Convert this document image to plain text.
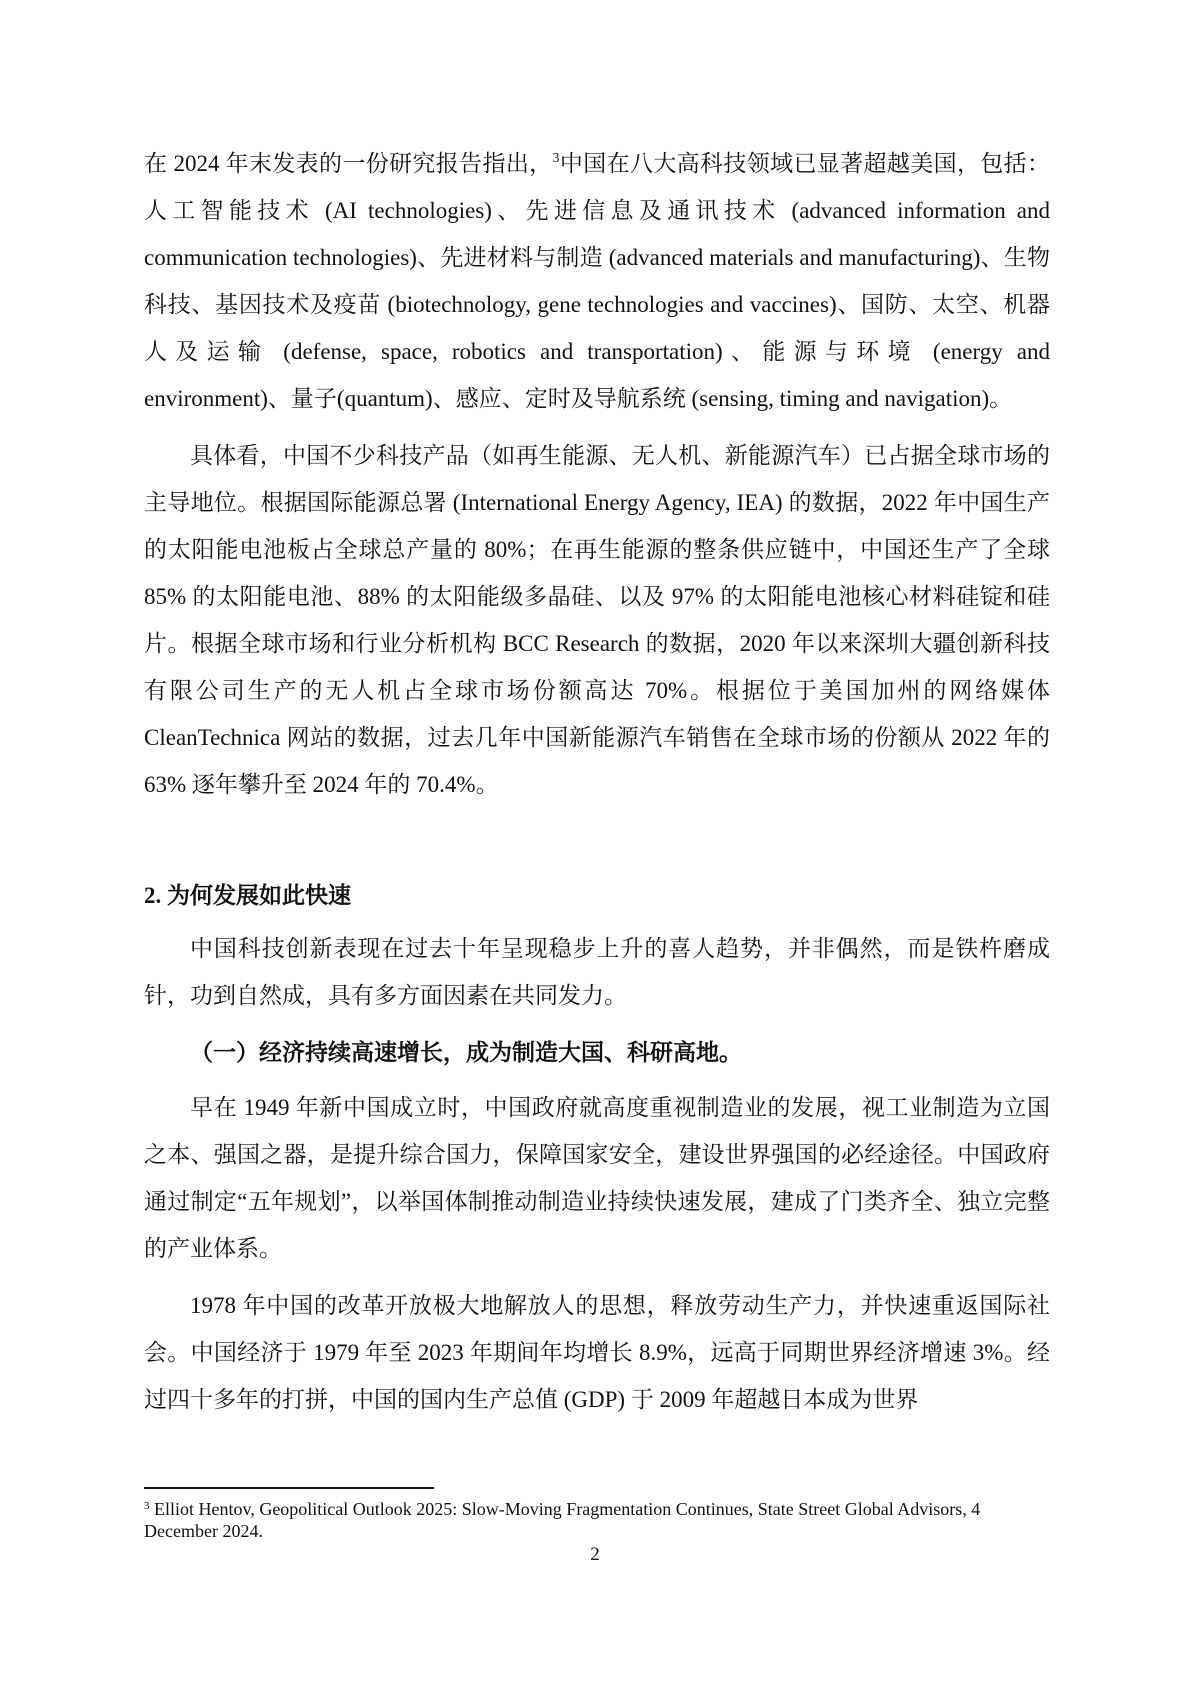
在 2024 年末发表的一份研究报告指出，$^3$中国在八大高科技领域已显著超越美国，包括：人工智能技术 (AI technologies)、先进信息及通讯技术 (advanced information and communication technologies)、先进材料与制造 (advanced materials and manufacturing)、生物科技、基因技术及疫苗 (biotechnology, gene technologies and vaccines)、国防、太空、机器人及运输 (defense, space, robotics and transportation)、能源与环境 (energy and environment)、量子(quantum)、感应、定时及导航系统 (sensing, timing and navigation)。

具体看，中国不少科技产品（如再生能源、无人机、新能源汽车）已占据全球市场的主导地位。根据国际能源总署 (International Energy Agency, IEA) 的数据，2022 年中国生产的太阳能电池板占全球总产量的 80%；在再生能源的整条供应链中，中国还生产了全球 85% 的太阳能电池、88% 的太阳能级多晶硅、以及 97% 的太阳能电池核心材料硅锭和硅片。根据全球市场和行业分析机构 BCC Research 的数据，2020 年以来深圳大疆创新科技有限公司生产的无人机占全球市场份额高达 70%。根据位于美国加州的网络媒体 CleanTechnica 网站的数据，过去几年中国新能源汽车销售在全球市场的份额从 2022 年的 63% 逐年攀升至 2024 年的 70.4%。

2. 为何发展如此快速

中国科技创新表现在过去十年呈现稳步上升的喜人趋势，并非偶然，而是铁杵磨成针，功到自然成，具有多方面因素在共同发力。

（一）经济持续高速增长，成为制造大国、科研高地。

早在 1949 年新中国成立时，中国政府就高度重视制造业的发展，视工业制造为立国之本、强国之器，是提升综合国力，保障国家安全，建设世界强国的必经途径。中国政府通过制定“五年规划”，以举国体制推动制造业持续快速发展，建成了门类齐全、独立完整的产业体系。

1978 年中国的改革开放极大地解放人的思想，释放劳动生产力，并快速重返国际社会。中国经济于 1979 年至 2023 年期间年均增长 8.9%，远高于同期世界经济增速 3%。经过四十多年的打拼，中国的国内生产总值 (GDP) 于 2009 年超越日本成为世界

$^3$ Elliot Hentov, Geopolitical Outlook 2025: Slow-Moving Fragmentation Continues, State Street Global Advisors, 4 December 2024.
2
